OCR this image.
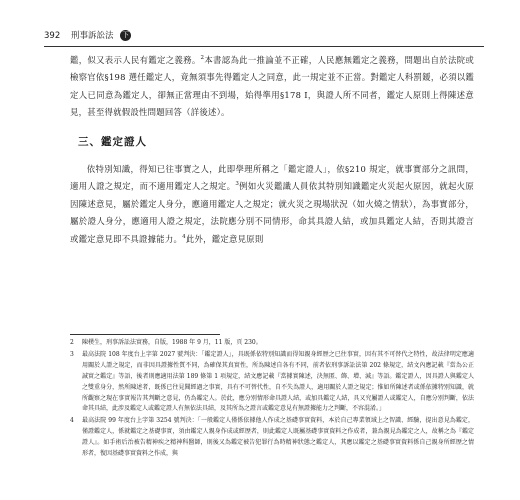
392 刑事訴訟法 下

鑑，似又表示人民有鑑定之義務。$^2$本書認為此一推論並不正確，人民應無鑑定之義務，問題出自於法院或檢察官依§198 選任鑑定人，竟無須事先得鑑定人之同意，此一規定並不正當。對鑑定人科罰鍰，必須以鑑定人已同意為鑑定人，卻無正當理由不到場，始得準用§178 I，與證人所不同者，鑑定人原則上得陳述意見，甚至得就假設性問題回答（詳後述）。

三、鑑定證人

依特別知識，得知已往事實之人，此即學理所稱之「鑑定證人」，依§210 規定，就事實部分之訊問，適用人證之規定，而不適用鑑定人之規定。$^3$例如火災鑑識人員依其特別知識鑑定火災起火原因，就起火原因陳述意見，屬於鑑定人身分，應適用鑑定人之規定；就火災之現場狀況（如火燒之情狀），為事實部分，屬於證人身分，應適用人證之規定，法院應分別不同情形，命其具證人結，或加具鑑定人結，否則其證言或鑑定意見即不具證據能力。$^4$此外，鑑定意見原則

2	陳樸生，刑事訴訟法實務，自版，1988 年 9 月，11 版，頁 230。
3	最高法院 108 年度台上字第 2027 號判決：「鑑定證人」，具既係依特別知識而得知親身經歷之已往事實，因有其不可替代之特性，故法律明定應適用關於人證之規定，而非因具證據性質不同，為確保其真實性，所為陳述自各有不同，前者依刑事訴訟法第 202 條規定，結文內應記載『當為公正誠實之鑑定』等語，後者則應適用法第 189 條第 1 項規定，結文應記載『當據實陳述，決無匿、飾、增、減』等語。鑑定證人，因具證人與鑑定人之雙重身分，然所陳述者，既係已往見聞經過之事實，具有不可替代性，自不失為證人，適用關於人證之規定；惟如所陳述者或係依據特別知識，就所觀察之現在事實報告其判斷之意見，仍為鑑定人。於此，應分別情形命具證人結，或加具鑑定人結，具又究屬證人或鑑定人，自應分別判斷，依法命其具結，此涉及鑑定人或鑑定證人有無依法具結，及其所為之證言或鑑定意見有無證據能力之判斷，不容混淆。」
4	最高法院 99 年度台上字第 3254 號判決：「一般鑑定人僅係依據他人作成之基礎事實資料，本於自己專業領域上之智識、經驗，提出意見為鑑定，僅證鑑定人，係就鑑定之基礎事實，須由鑑定人親身作成或經歷者，則此鑑定人既屬基礎事實資料之作成者，兼為親見為鑑定之人，故稱之為『鑑定證人』。如手術后治被告精神疾之精神科醫師，則後又為鑑定被告犯罪行為時精神狀態之鑑定人，其應以鑑定之基礎事實資料係自己親身所經歷之情形者，復因基礎事實資料之作成，與
